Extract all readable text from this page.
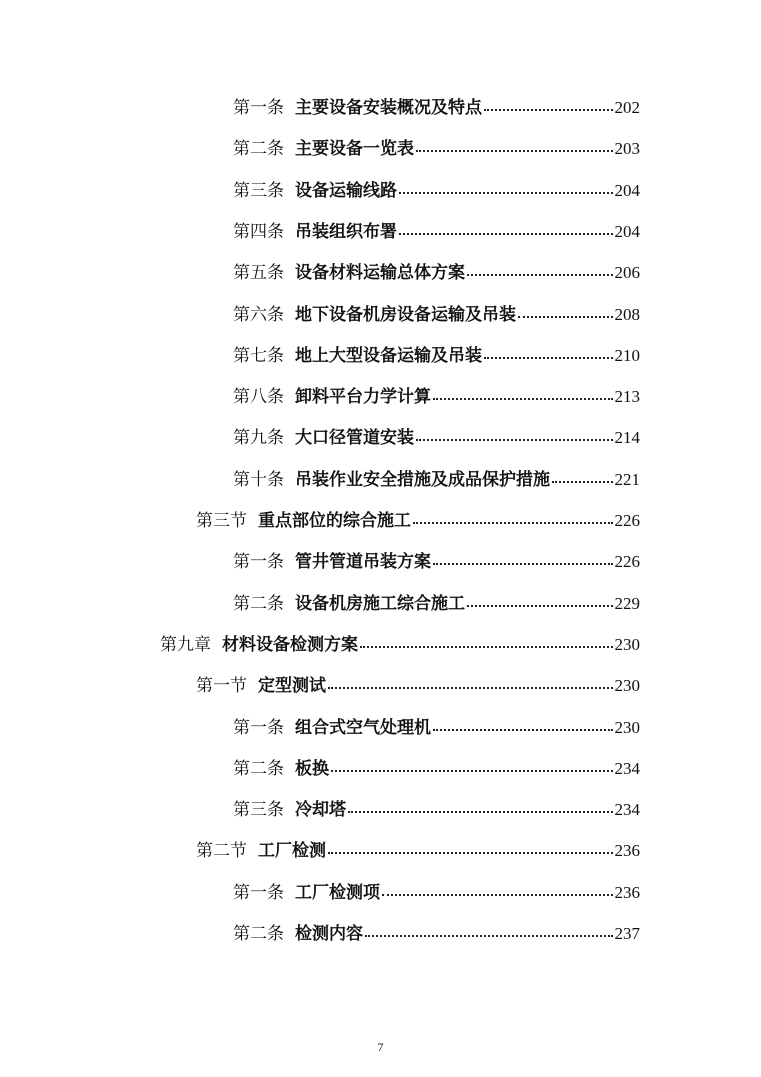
第一条 主要设备安装概况及特点	202
第二条 主要设备一览表	203
第三条 设备运输线路	204
第四条 吊装组织布署	204
第五条 设备材料运输总体方案	206
第六条 地下设备机房设备运输及吊装	208
第七条 地上大型设备运输及吊装	210
第八条 卸料平台力学计算	213
第九条 大口径管道安装	214
第十条 吊装作业安全措施及成品保护措施	221
第三节 重点部位的综合施工	226
第一条 管井管道吊装方案	226
第二条 设备机房施工综合施工	229
第九章 材料设备检测方案	230
第一节 定型测试	230
第一条 组合式空气处理机	230
第二条 板换	234
第三条 冷却塔	234
第二节 工厂检测	236
第一条 工厂检测项	236
第二条 检测内容	237
7
